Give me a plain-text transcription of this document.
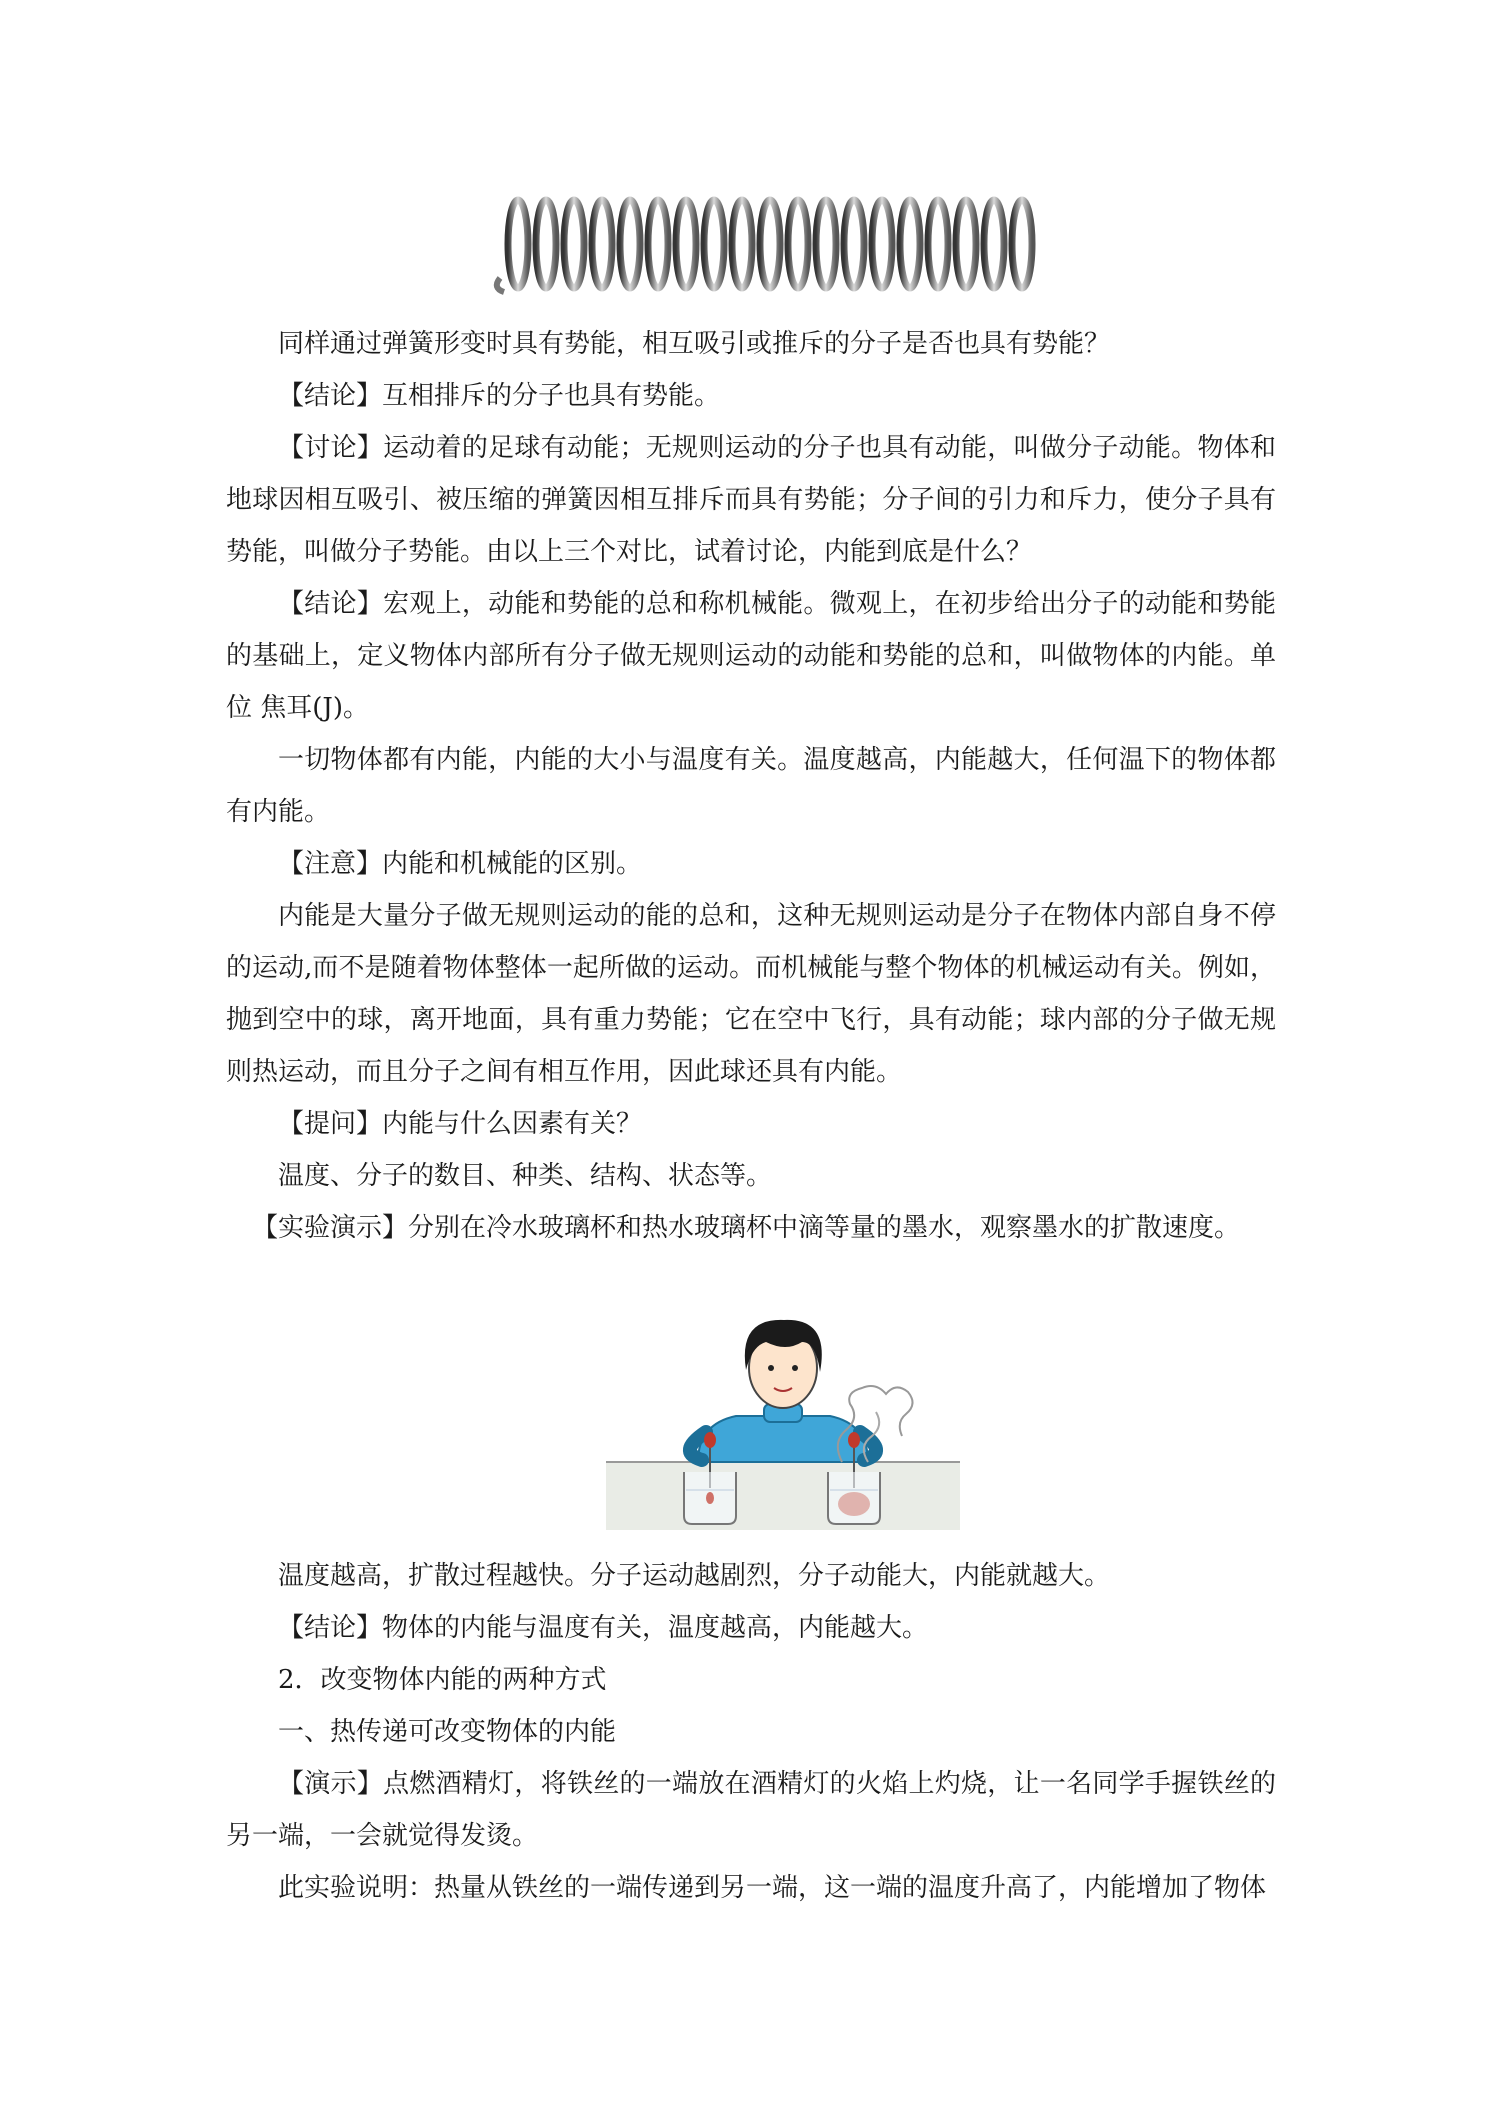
同样通过弹簧形变时具有势能，相互吸引或推斥的分子是否也具有势能？

【结论】互相排斥的分子也具有势能。

【讨论】运动着的足球有动能；无规则运动的分子也具有动能，叫做分子动能。物体和地球因相互吸引、被压缩的弹簧因相互排斥而具有势能；分子间的引力和斥力，使分子具有势能，叫做分子势能。由以上三个对比，试着讨论，内能到底是什么？

【结论】宏观上，动能和势能的总和称机械能。微观上，在初步给出分子的动能和势能的基础上，定义物体内部所有分子做无规则运动的动能和势能的总和，叫做物体的内能。单位 焦耳(J)。

一切物体都有内能，内能的大小与温度有关。温度越高，内能越大，任何温下的物体都有内能。

【注意】内能和机械能的区别。

内能是大量分子做无规则运动的能的总和，这种无规则运动是分子在物体内部自身不停的运动,而不是随着物体整体一起所做的运动。而机械能与整个物体的机械运动有关。例如，抛到空中的球，离开地面，具有重力势能；它在空中飞行，具有动能；球内部的分子做无规则热运动，而且分子之间有相互作用，因此球还具有内能。

【提问】内能与什么因素有关？

温度、分子的数目、种类、结构、状态等。

【实验演示】分别在冷水玻璃杯和热水玻璃杯中滴等量的墨水，观察墨水的扩散速度。

温度越高，扩散过程越快。分子运动越剧烈，分子动能大，内能就越大。

【结论】物体的内能与温度有关，温度越高，内能越大。

2．改变物体内能的两种方式

一、热传递可改变物体的内能

【演示】点燃酒精灯，将铁丝的一端放在酒精灯的火焰上灼烧，让一名同学手握铁丝的另一端，一会就觉得发烫。

此实验说明：热量从铁丝的一端传递到另一端，这一端的温度升高了，内能增加了物体
